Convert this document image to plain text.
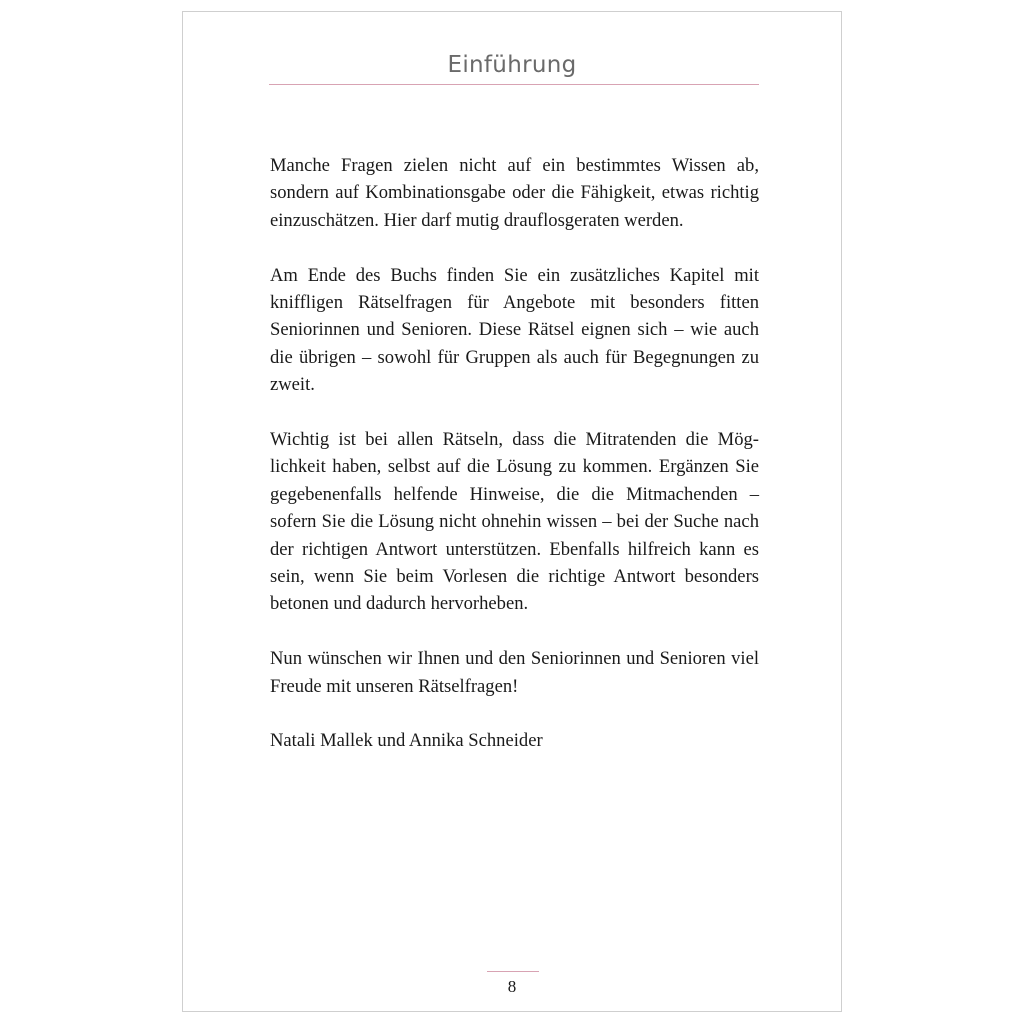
Einführung

Manche Fragen zielen nicht auf ein bestimmtes Wissen ab, sondern auf Kombinationsgabe oder die Fähigkeit, etwas richtig einzuschätzen. Hier darf mutig drauflosgeraten werden.

Am Ende des Buchs finden Sie ein zusätzliches Kapitel mit kniffligen Rätselfragen für Angebote mit besonders fitten Seniorinnen und Senioren. Diese Rätsel eignen sich – wie auch die übrigen – sowohl für Gruppen als auch für Begegnungen zu zweit.

Wichtig ist bei allen Rätseln, dass die Mitratenden die Möglichkeit haben, selbst auf die Lösung zu kommen. Ergänzen Sie gegebenenfalls helfende Hinweise, die die Mitmachenden – sofern Sie die Lösung nicht ohnehin wissen – bei der Suche nach der richtigen Antwort unterstützen. Ebenfalls hilfreich kann es sein, wenn Sie beim Vorlesen die richtige Antwort besonders betonen und dadurch hervorheben.

Nun wünschen wir Ihnen und den Seniorinnen und Senioren viel Freude mit unseren Rätselfragen!

Natali Mallek und Annika Schneider

8
